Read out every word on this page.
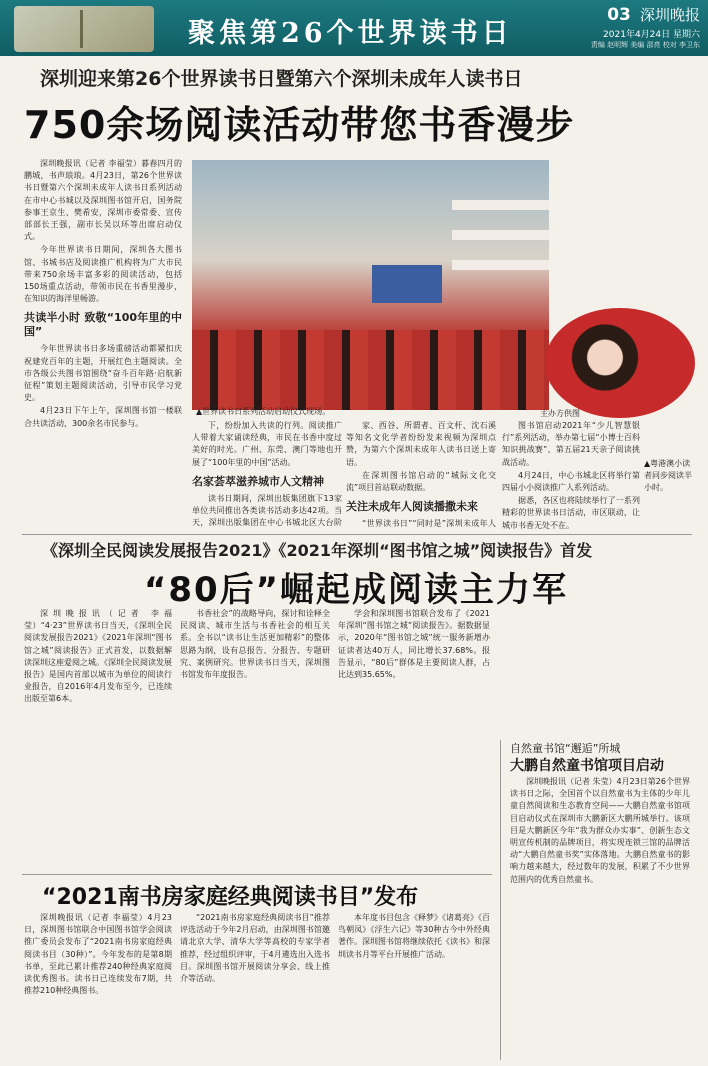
聚焦第26个世界读书日
03 深圳晚报
2021年4月24日 星期六
责编 赵明辉 美编 邵亮 校对 李卫东
深圳迎来第26个世界读书日暨第六个深圳未成年人读书日
750余场阅读活动带您书香漫步

深圳晚报讯（记者 李福莹）暮春四月的鹏城，书声琅琅。4月23日，第26个世界读书日暨第六个深圳未成年人读书日系列活动在市中心书城以及深圳图书馆开启，国务院参事王京生、樊希安，深圳市委常委、宣传部部长王强，副市长吴以环等出席启动仪式。

今年世界读书日期间，深圳各大图书馆、书城书店及阅读推广机构将为广大市民带来750余场丰富多彩的阅读活动，包括150场重点活动，带领市民在书香里漫步，在知识的海洋里畅游。

共读半小时 致敬“100年里的中国”

今年世界读书日多场重磅活动都紧扣庆祝建党百年的主题，开展红色主题阅读。全市各级公共图书馆围绕“奋斗百年路·启航新征程”策划主题阅读活动，引导市民学习党史。

4月23日下午上午，深圳图书馆一楼联合共读活动，300余名市民参与。

▲世界读书日系列活动启动仪式现场。	主办方供图
▲粤港澳小读者同步阅读半小时。

下，纷纷加入共读的行列。阅读推广人带着大家诵读经典，市民在书香中度过美好的时光。广州、东莞、澳门等地也开展了“100年里的中国”活动。

名家荟萃滋养城市人文精神

读书日期间，深圳出版集团旗下13家单位共同推出各类读书活动多达42项。当天，深圳出版集团在中心书城北区大台阶

家、西谷、所谓者、百文杆、沈石溪等知名文化学者纷纷发来视频为深圳点赞，为第六个深圳未成年人读书日送上寄语。

在深圳图书馆启动的“城际文化交流”项目首站联动数据。

关注未成年人阅读播撒未来

“世界读书日”“同时是”深圳未成年人

图书馆启动2021年“少儿智慧银行”系列活动，举办第七届“小博士百科知识挑战赛”、第五届21天亲子阅读挑战活动。

4月24日，中心书城北区将举行第四届小小阅读推广人系列活动。

据悉，各区也将陆续举行了一系列精彩的世界读书日活动，市区联动，让城市书香无处不在。

《深圳全民阅读发展报告2021》《2021年深圳“图书馆之城”阅读报告》首发
“80后”崛起成阅读主力军

深圳晚报讯（记者 李福莹）“4·23”世界读书日当天，《深圳全民阅读发展报告2021》《2021年深圳“图书馆之城”阅读报告》正式首发，以数据解读深圳这座爱阅之城。《深圳全民阅读发展报告》是国内首部以城市为单位的阅读行业报告，自2016年4月发布至今，已连续出版至第6本。

书香社会”的战略导向，探讨和诠释全民阅读、城市生活与书香社会的相互关系。全书以“读书让生活更加精彩”的整体思路为纲，设有总报告、分报告、专题研究、案例研究。世界读书日当天，深圳图书馆发布年度报告。

学会和深圳图书馆联合发布了《2021年深圳“图书馆之城”阅读报告》。据数据显示，2020年“图书馆之城”统一服务新增办证读者达40万人，同比增长37.68%。报告显示，“80后”群体是主要阅读人群，占比达到35.65%。

自然童书馆“邂逅”所城
大鹏自然童书馆项目启动

深圳晚报讯（记者 朱莹）4月23日第26个世界读书日之际，全国首个以自然童书为主体的少年儿童自然阅读和生态教育空间——大鹏自然童书馆项目启动仪式在深圳市大鹏新区大鹏所城举行。该项目是大鹏新区今年“我为群众办实事”、创新生态文明宣传机制的品牌项目，将实现连锁三馆的品牌活动“大鹏自然童书奖”实体落地。大鹏自然童书的影响力越来越大，经过数年的发展，积累了不少世界范围内的优秀自然童书。

“2021南书房家庭经典阅读书目”发布

深圳晚报讯（记者 李福莹）4月23日，深圳图书馆联合中国图书馆学会阅读推广委员会发布了“2021南书房家庭经典阅读书目（30种）”。今年发布的是第8期书单，至此已累计推荐240种经典家庭阅读优秀图书。读书日已连续发布7期，共推荐210种经典图书。

“2021南书房家庭经典阅读书目”推荐评选活动于今年2月启动，由深圳图书馆邀请北京大学、清华大学等高校的专家学者推荐，经过组织评审，于4月遴选出入选书目。深圳图书馆开展阅读分享会、线上推介等活动。

本年度书目包含《释梦》《诸葛亮》《百鸟朝凤》《浮生六记》等30种古今中外经典著作。深圳图书馆将继续依托《读书》和深圳读书月等平台开展推广活动。
